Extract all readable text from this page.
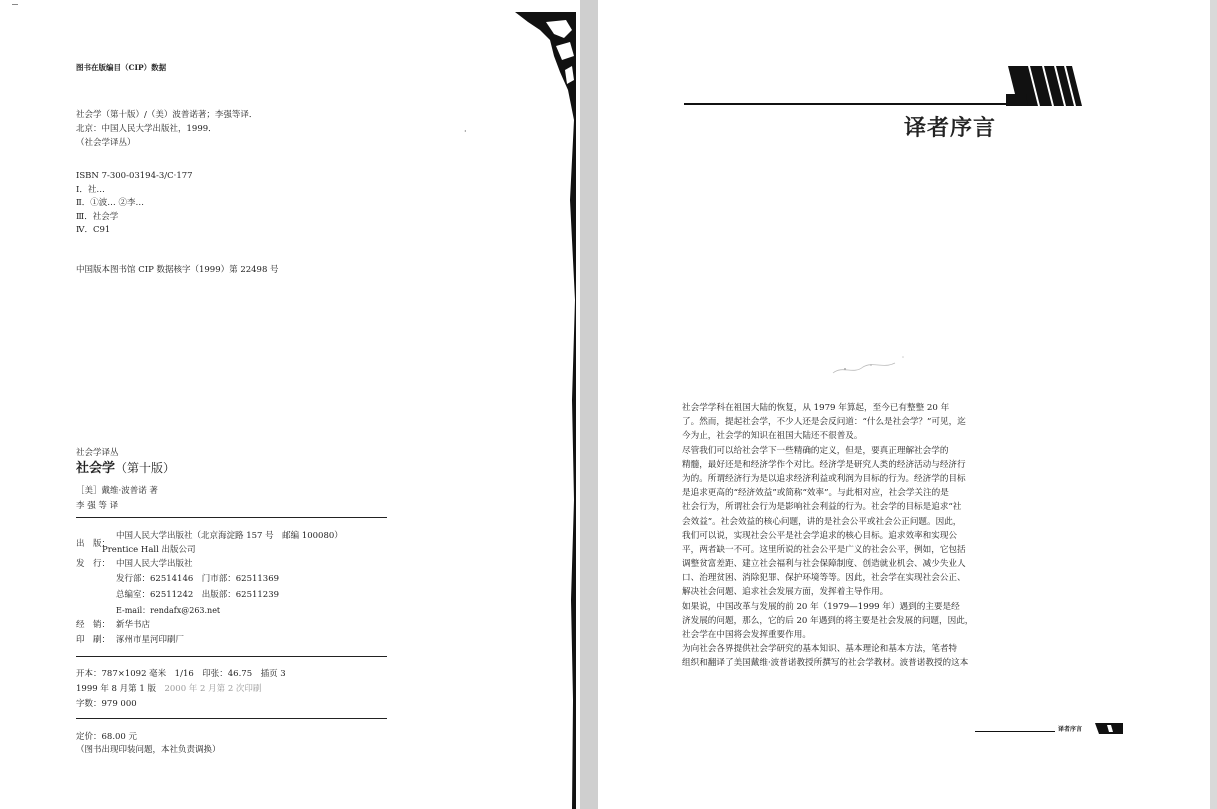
图书在版编目（CIP）数据
社会学（第十版）/（美）波普诺著；李强等译．
北京：中国人民大学出版社，1999．
（社会学译丛）
ISBN 7-300-03194-3/C·177
Ⅰ．社…
Ⅱ．①波… ②李…
Ⅲ．社会学
Ⅳ．C91
中国版本图书馆 CIP 数据核字（1999）第 22498 号
社会学译丛
社会学（第十版）
［美］戴维·波普诺 著
李 强 等 译
出　版：
中国人民大学出版社（北京海淀路 157 号　邮编 100080）
Prentice Hall 出版公司
发　行： 中国人民大学出版社
发行部：62514146　门市部：62511369
总编室：62511242　出版部：62511239
E-mail：rendafx@263.net
经　销： 新华书店
印　刷： 涿州市星河印刷厂
开本：787×1092 毫米　1/16　印张：46.75　插页 3
1999 年 8 月第 1 版　2000 年 2 月第 2 次印刷
字数：979 000
定价：68.00 元
（图书出现印装问题，本社负责调换）
·	译者序言
社会学学科在祖国大陆的恢复，从 1979 年算起，至今已有整整 20 年
了。然而，提起社会学，不少人还是会反问道：“什么是社会学？”可见，迄
今为止，社会学的知识在祖国大陆还不很普及。
尽管我们可以给社会学下一些精确的定义，但是，要真正理解社会学的
精髓，最好还是和经济学作个对比。经济学是研究人类的经济活动与经济行
为的。所谓经济行为是以追求经济利益或利润为目标的行为。经济学的目标
是追求更高的“经济效益”或简称“效率”。与此相对应，社会学关注的是
社会行为，所谓社会行为是影响社会利益的行为。社会学的目标是追求“社
会效益”。社会效益的核心问题，讲的是社会公平或社会公正问题。因此，
我们可以说，实现社会公平是社会学追求的核心目标。追求效率和实现公
平，两者缺一不可。这里所说的社会公平是广义的社会公平，例如，它包括
调整贫富差距、建立社会福利与社会保障制度、创造就业机会、减少失业人
口、治理贫困、消除犯罪、保护环境等等。因此，社会学在实现社会公正、
解决社会问题、追求社会发展方面，发挥着主导作用。
如果说，中国改革与发展的前 20 年（1979—1999 年）遇到的主要是经
济发展的问题，那么，它的后 20 年遇到的将主要是社会发展的问题，因此，
社会学在中国将会发挥重要作用。
为向社会各界提供社会学研究的基本知识、基本理论和基本方法，笔者特
组织和翻译了美国戴维·波普诺教授所撰写的社会学教材。波普诺教授的这本
译者序言
